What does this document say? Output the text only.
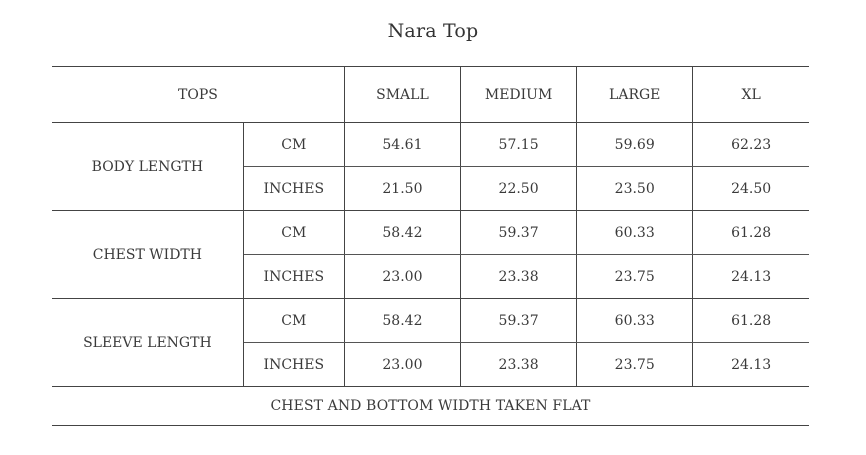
Nara Top
TOPS		SMALL	MEDIUM	LARGE	XL
BODY LENGTH	CM	54.61	57.15	59.69	62.23
	INCHES	21.50	22.50	23.50	24.50
CHEST WIDTH	CM	58.42	59.37	60.33	61.28
	INCHES	23.00	23.38	23.75	24.13
SLEEVE LENGTH	CM	58.42	59.37	60.33	61.28
	INCHES	23.00	23.38	23.75	24.13
CHEST AND BOTTOM WIDTH TAKEN FLAT					
